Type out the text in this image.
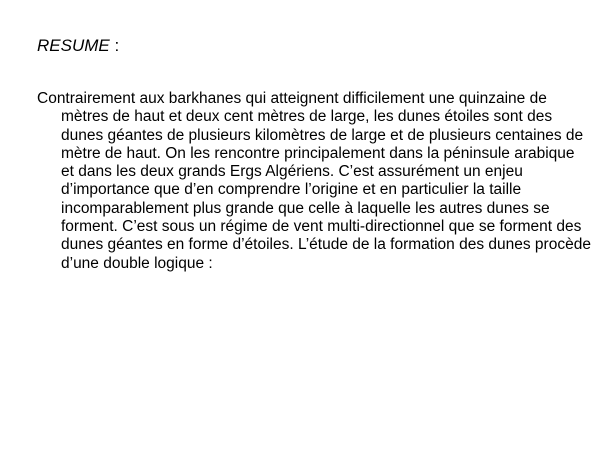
RESUME :

Contrairement aux barkhanes qui atteignent difficilement une quinzaine de mètres de haut et deux cent mètres de large, les dunes étoiles sont des dunes géantes de plusieurs kilomètres de large et de plusieurs centaines de mètre de haut. On les rencontre principalement dans la péninsule arabique et dans les deux grands Ergs Algériens. C’est assurément un enjeu d’importance que d’en comprendre l’origine et en particulier la taille incomparablement plus grande que celle à laquelle les autres dunes se forment. C’est sous un régime de vent multi-directionnel que se forment des dunes géantes en forme d’étoiles. L’étude de la formation des dunes procède d’une double logique :
